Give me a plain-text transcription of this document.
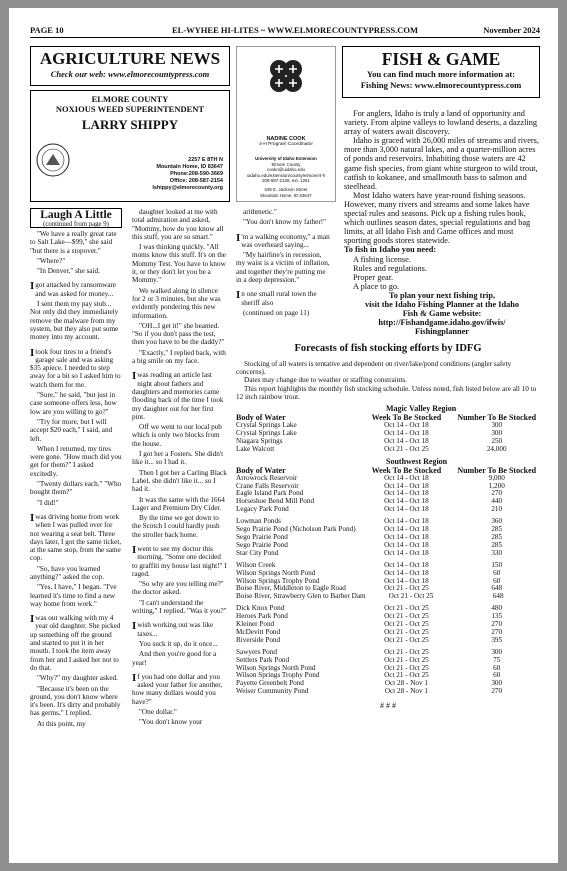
PAGE 10	EL-WYHEE HI-LITES ~ WWW.ELMORECOUNTYPRESS.COM	November 2024
AGRICULTURE NEWS
Check our web: www.elmorecountypress.com
ELMORE COUNTY
NOXIOUS WEED SUPERINTENDENT
LARRY SHIPPY
2257 E 8TH N
Mountain Home, ID 83647
Phone:208-590-3669
Office: 208-587-2154
lshippy@elmorecounty.org
NADINE COOK
4-H Program Coordinator
University of Idaho Extension
Elmore County
cookn@uidaho.edu
uidaho.edu/extension/county/elmore/4-h
208-587-2136, ext. 1251
535 E. Jackson Street
Mountain Home, ID 83647
FISH & GAME
You can find much more information at:
Fishing News: www.elmorecountypress.com

For anglers, Idaho is truly a land of opportunity and variety. From alpine valleys to lowland deserts, a dazzling array of waters await discovery.

Idaho is graced with 26,000 miles of streams and rivers, more than 3,000 natural lakes, and a quarter-million acres of ponds and reservoirs. Inhabiting those waters are 42 game fish species, from giant white sturgeon to wild trout, catfish to kokanee, and smallmouth bass to salmon and steelhead.

Most Idaho waters have year-round fishing seasons. However, many rivers and streams and some lakes have special rules and seasons. Pick up a fishing rules book, which outlines season dates, special regulations and bag limits, at all Idaho Fish and Game offices and most sporting goods stores statewide.

To fish in Idaho you need:
A fishing license.
Rules and regulations.
Proper gear.
A place to go.
To plan your next fishing trip,
visit the Idaho Fishing Planner at the Idaho
Fish & Game website:
http://Fishandgame.idaho.gov/ifwis/
Fishingplanner
Laugh A Little
(continued from page 9)

"We have a really great rate to Salt Lake—$99," she said "but there is a stopover."

"Where?"

"In Denver," she said.

I got attacked by ransomware and was asked for money...

I sent them my pay stub... Not only did they immediately remove the malware from my system, but they also put some money into my account.

I took four tires to a friend's garage sale and was asking $35 apiece. I needed to step away for a bit so I asked him to watch them for me.

"Sure," he said, "but just in case someone offers less, how low are you willing to go?"

"Try for more, but I will accept $20 each," I said, and left.

When I returned, my tires were gone. "How much did you get for them?" I asked excitedly.

"Twenty dollars each." "Who bought them?"

"I did!"

I was driving home from work when I was pulled over for not wearing a seat belt. Three days later, I got the same ticket, at the same stop, from the same cop.

"So, have you learned anything?" asked the cop.

"Yes, I have," I began. "I've learned it's time to find a new way home from work."

I was out walking with my 4 year old daughter. She picked up something off the ground and started to put it in her mouth. I took the item away from her and I asked her not to do that.

"Why?" my daughter asked.

"Because it's been on the ground, you don't know where it's been. It's dirty and probably has germs," I replied.

At this point, my

daughter looked at me with total admiration and asked, "Mommy, how do you know all this stuff, you are so smart."

I was thinking quickly. "All moms know this stuff. It's on the Mommy Test. You have to know it, or they don't let you be a Mommy."

We walked along in silence for 2 or 3 minutes, but she was evidently pondering this new information.

"OH...I get it!" she beamed. "So if you don't pass the test, then you have to be the daddy?"

"Exactly," I replied back, with a big smile on my face.

I was reading an article last night about fathers and daughters and memories came flooding back of the time I took my daughter out for her first pint.

Off we went to our local pub which is only two blocks from the house.

I got her a Fosters. She didn't like it... so I had it.

Then I got her a Carling Black Label, she didn't like it... so I had it.

It was the same with the 1664 Lager and Premium Dry Cider.

By the time we got down to the Scotch I could hardly push the stroller back home.

I went to see my doctor this morning. "Some one decided to graffiti my house last night!" I raged.

"So why are you telling me?" the doctor asked.

"I can't understand the writing," I replied. "Was it you?"

I wish working out was like taxes...

You suck it up, do it once...

And then you're good for a year!

If you had one dollar and you asked your father for another, how many dollars would you have?"

"One dollar."

"You don't know your

arithmetic."

"You don't know my father!"

I 'm a walking economy," a man was overheard saying...

"My hairline's in recession, my waist is a victim of inflation, and together they're putting me in a deep depression."

In one small rural town the sheriff also

(continued on page 11)

Forecasts of fish stocking efforts by IDFG
Stocking of all waters is tentative and dependent on river/lake/pond conditions (angler safety concerns).
Dates may change due to weather or staffing constraints.
This report highlights the monthly fish stocking schedule. Unless noted, fish listed below are all 10 to 12 inch rainbow trout.
Magic Valley Region
Body of Water	Week To Be Stocked	Number To Be Stocked
Crystal Springs Lake	Oct 14 - Oct 18	300
Crystal Springs Lake	Oct 14 - Oct 18	300
Niagara Springs	Oct 14 - Oct 18	250
Lake Walcott	Oct 21 - Oct 25	24,000
Southwest Region
Body of Water	Week To Be Stocked	Number To Be Stocked
Arrowrock Reservoir	Oct 14 - Oct 18	9,000
Crane Falls Reservoir	Oct 14 - Oct 18	1,200
Eagle Island Park Pond	Oct 14 - Oct 18	270
Horseshoe Bend Mill Pond	Oct 14 - Oct 18	440
Legacy Park Pond	Oct 14 - Oct 18	210
Lowman Ponds	Oct 14 - Oct 18	360
Sego Prairie Pond (Nicholson Park Pond)	Oct 14 - Oct 18	285
Sego Prairie Pond	Oct 14 - Oct 18	285
Sego Prairie Pond	Oct 14 - Oct 18	285
Star City Pond	Oct 14 - Oct 18	330
Wilson Creek	Oct 14 - Oct 18	150
Wilson Springs North Pond	Oct 14 - Oct 18	60
Wilson Springs Trophy Pond	Oct 14 - Oct 18	60
Boise River, Middleton to Eagle Road	Oct 21 - Oct 25	648
Boise River, Strawberry Glen to Barber Dam	Oct 21 - Oct 25	648
Dick Knox Pond	Oct 21 - Oct 25	480
Heroes Park Pond	Oct 21 - Oct 25	135
Kleiner Pond	Oct 21 - Oct 25	270
McDevitt Pond	Oct 21 - Oct 25	270
Riverside Pond	Oct 21 - Oct 25	395
Sawyers Pond	Oct 21 - Oct 25	300
Settlers Park Pond	Oct 21 - Oct 25	75
Wilson Springs North Pond	Oct 21 - Oct 25	60
Wilson Springs Trophy Pond	Oct 21 - Oct 25	60
Payette Greenbelt Pond	Oct 28 - Nov 1	300
Weiser Community Pond	Oct 28 - Nov 1	270
# # #
